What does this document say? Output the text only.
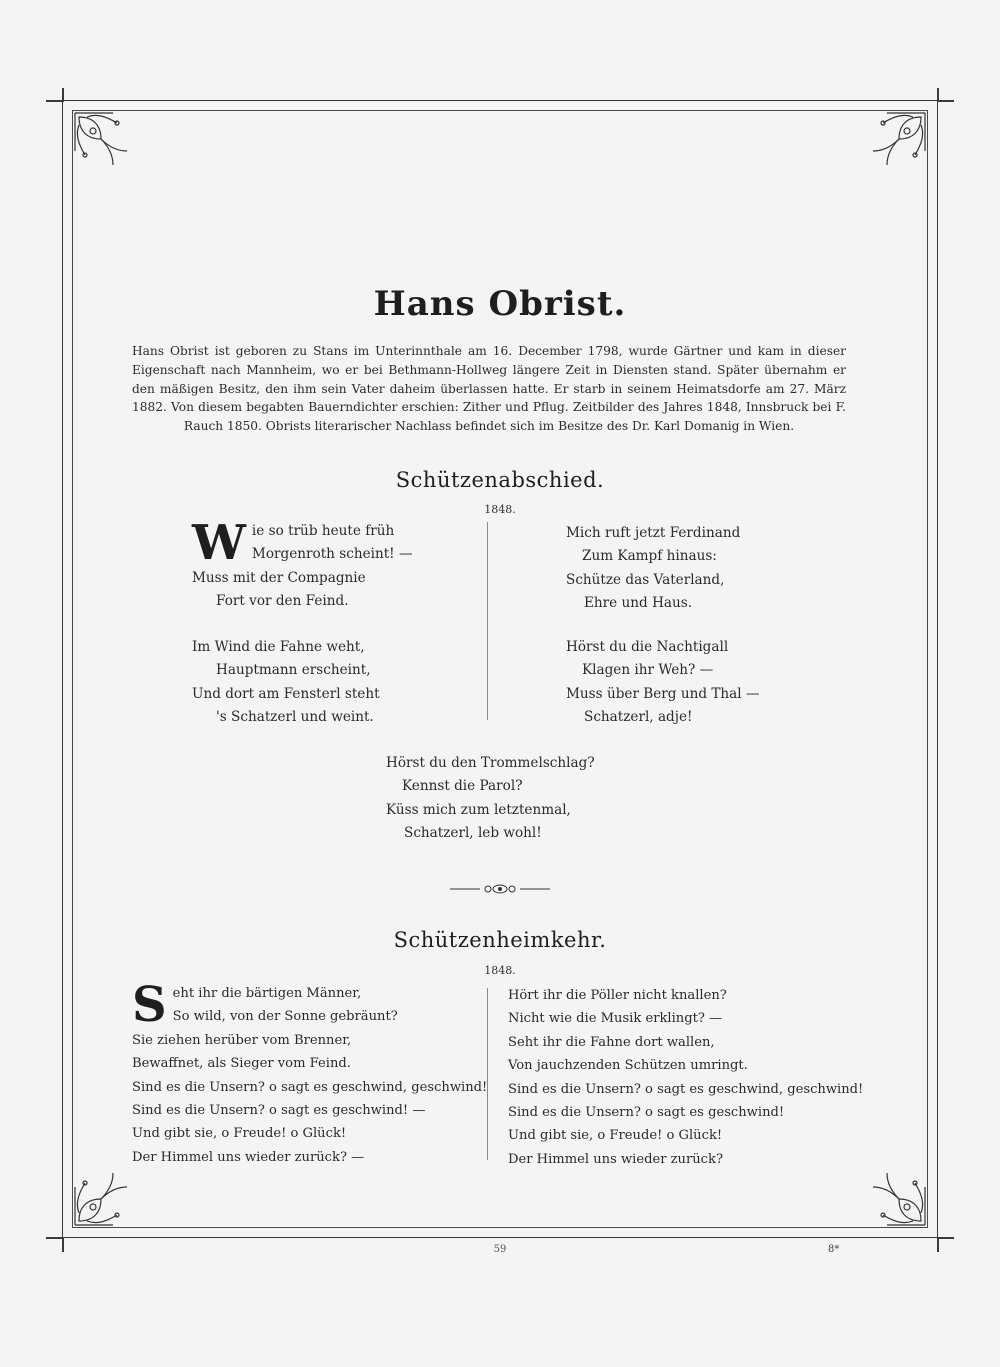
Hans Obrist.
Hans Obrist ist geboren zu Stans im Unterinnthale am 16. December 1798, wurde Gärtner und kam in dieser Eigenschaft nach Mannheim, wo er bei Bethmann-Hollweg längere Zeit in Diensten stand. Später übernahm er den mäßigen Besitz, den ihm sein Vater daheim überlassen hatte. Er starb in seinem Heimatsdorfe am 27. März 1882. Von diesem begabten Bauerndichter erschien: Zither und Pflug. Zeitbilder des Jahres 1848, Innsbruck bei F. Rauch 1850. Obrists literarischer Nachlass befindet sich im Besitze des Dr. Karl Domanig in Wien.
Schützenabschied.
1848.
W ie so trüb heute früh
Morgenroth scheint! —
Muss mit der Compagnie
Fort vor den Feind.
Im Wind die Fahne weht,
Hauptmann erscheint,
Und dort am Fensterl steht
's Schatzerl und weint.
Mich ruft jetzt Ferdinand
Zum Kampf hinaus:
Schütze das Vaterland,
Ehre und Haus.
Hörst du die Nachtigall
Klagen ihr Weh? —
Muss über Berg und Thal —
Schatzerl, adje!
Hörst du den Trommelschlag?
Kennst die Parol?
Küss mich zum letztenmal,
Schatzerl, leb wohl!
Schützenheimkehr.
1848.
S eht ihr die bärtigen Männer,
So wild, von der Sonne gebräunt?
Sie ziehen herüber vom Brenner,
Bewaffnet, als Sieger vom Feind.
Sind es die Unsern? o sagt es geschwind, geschwind!
Sind es die Unsern? o sagt es geschwind! —
Und gibt sie, o Freude! o Glück!
Der Himmel uns wieder zurück? —
Hört ihr die Pöller nicht knallen?
Nicht wie die Musik erklingt? —
Seht ihr die Fahne dort wallen,
Von jauchzenden Schützen umringt.
Sind es die Unsern? o sagt es geschwind, geschwind!
Sind es die Unsern? o sagt es geschwind!
Und gibt sie, o Freude! o Glück!
Der Himmel uns wieder zurück?
59	8*
